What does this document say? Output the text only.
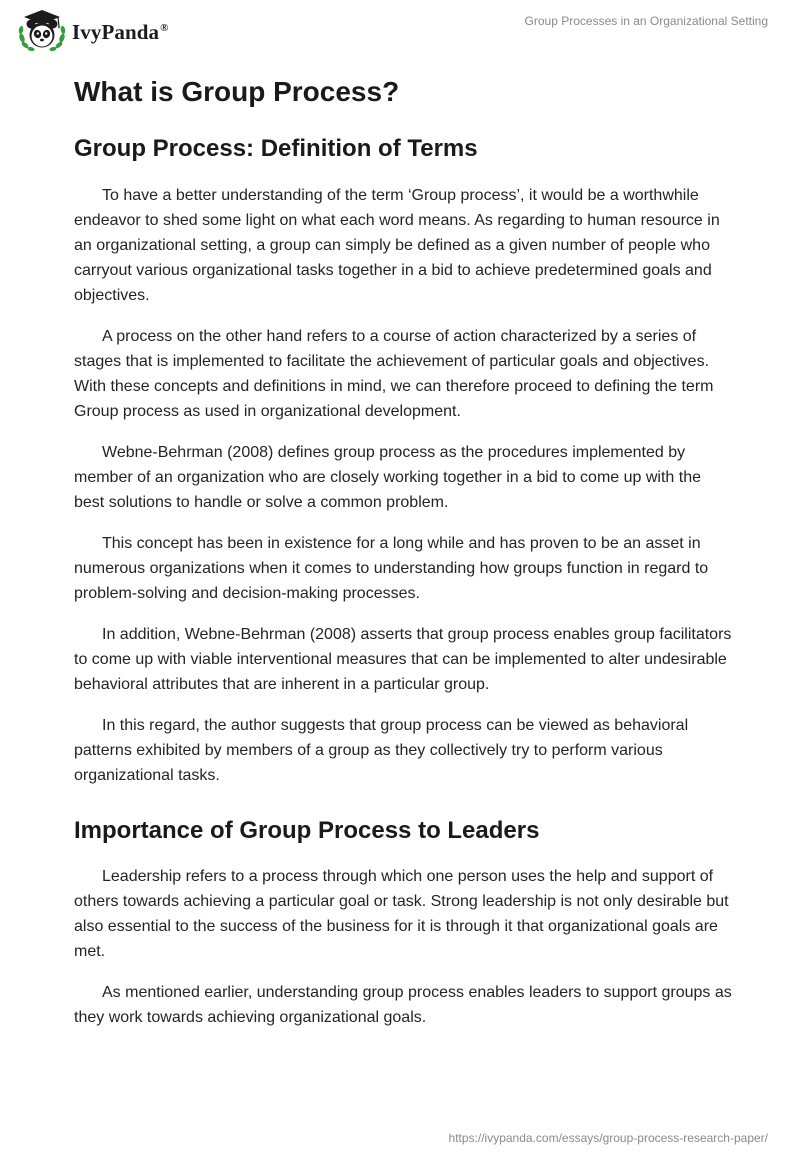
IvyPanda®	Group Processes in an Organizational Setting
What is Group Process?
Group Process: Definition of Terms

To have a better understanding of the term ‘Group process’, it would be a worthwhile endeavor to shed some light on what each word means. As regarding to human resource in an organizational setting, a group can simply be defined as a given number of people who carryout various organizational tasks together in a bid to achieve predetermined goals and objectives.

A process on the other hand refers to a course of action characterized by a series of stages that is implemented to facilitate the achievement of particular goals and objectives. With these concepts and definitions in mind, we can therefore proceed to defining the term Group process as used in organizational development.

Webne-Behrman (2008) defines group process as the procedures implemented by member of an organization who are closely working together in a bid to come up with the best solutions to handle or solve a common problem.

This concept has been in existence for a long while and has proven to be an asset in numerous organizations when it comes to understanding how groups function in regard to problem-solving and decision-making processes.

In addition, Webne-Behrman (2008) asserts that group process enables group facilitators to come up with viable interventional measures that can be implemented to alter undesirable behavioral attributes that are inherent in a particular group.

In this regard, the author suggests that group process can be viewed as behavioral patterns exhibited by members of a group as they collectively try to perform various organizational tasks.

Importance of Group Process to Leaders

Leadership refers to a process through which one person uses the help and support of others towards achieving a particular goal or task. Strong leadership is not only desirable but also essential to the success of the business for it is through it that organizational goals are met.

As mentioned earlier, understanding group process enables leaders to support groups as they work towards achieving organizational goals.

https://ivypanda.com/essays/group-process-research-paper/
